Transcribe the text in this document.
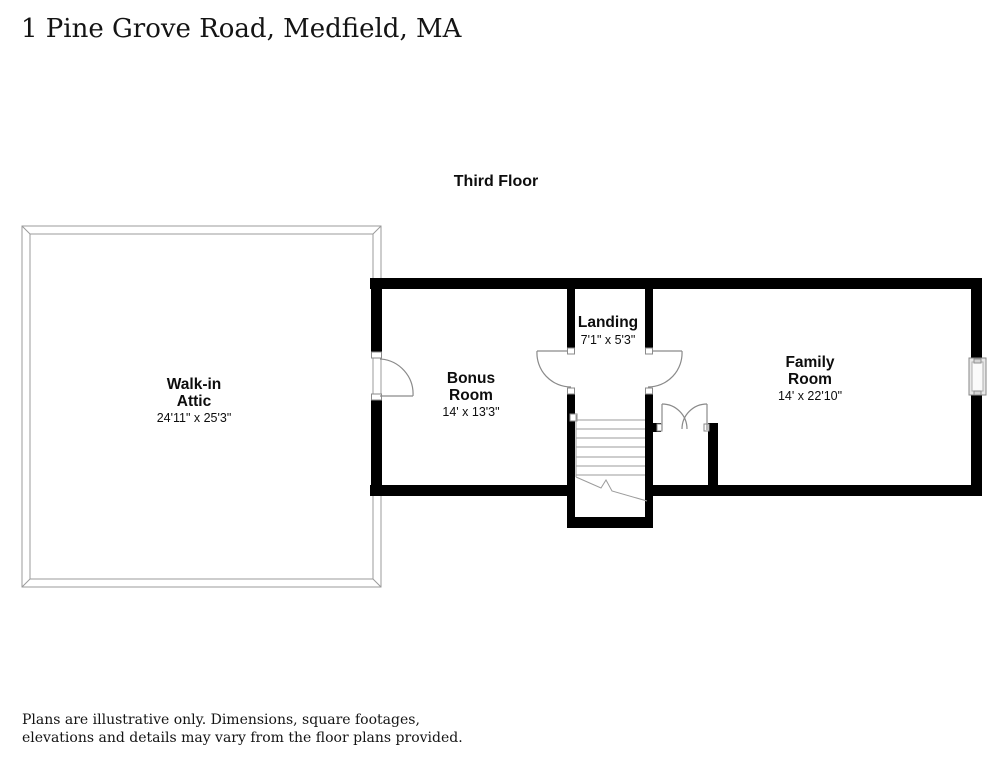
1 Pine Grove Road, Medfield, MA
Third Floor
Walk-in
Attic
24'11" x 25'3"
Bonus
Room
14' x 13'3"
Landing
7'1" x 5'3"
Family
Room
14' x 22'10"
Plans are illustrative only. Dimensions, square footages,
elevations and details may vary from the floor plans provided.
